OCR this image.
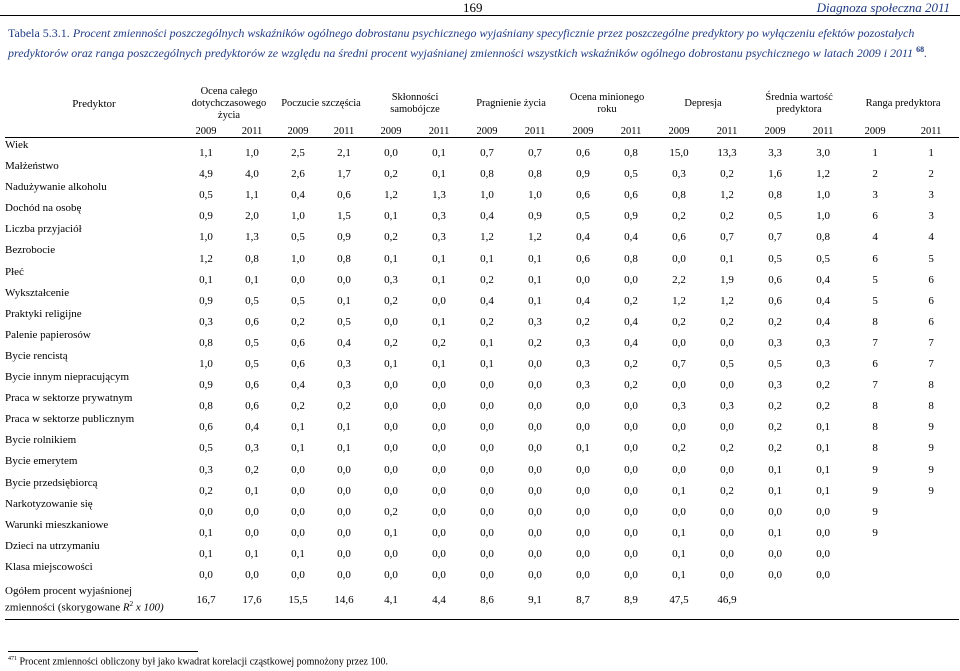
169	Diagnoza społeczna 2011
Tabela 5.3.1. Procent zmienności poszczególnych wskaźników ogólnego dobrostanu psychicznego wyjaśniany specyficznie przez poszczególne predyktory po wyłączeniu efektów pozostałych predyktorów oraz ranga poszczególnych predyktorów ze względu na średni procent wyjaśnianej zmienności wszystkich wskaźników ogólnego dobrostanu psychicznego w latach 2009 i 2011 $^{68}$.
Predyktor	Ocena całego dotychczasowego życia		Poczucie szczęścia		Skłonności samobójcze		Pragnienie życia		Ocena minionego roku		Depresja		Średnia wartość predyktora		Ranga predyktora	
	2009	2011	2009	2011	2009	2011	2009	2011	2009	2011	2009	2011	2009	2011	2009	2011
Wiek	1,1	1,0	2,5	2,1	0,0	0,1	0,7	0,7	0,6	0,8	15,0	13,3	3,3	3,0	1	1
Małżeństwo	4,9	4,0	2,6	1,7	0,2	0,1	0,8	0,8	0,9	0,5	0,3	0,2	1,6	1,2	2	2
Nadużywanie alkoholu	0,5	1,1	0,4	0,6	1,2	1,3	1,0	1,0	0,6	0,6	0,8	1,2	0,8	1,0	3	3
Dochód na osobę	0,9	2,0	1,0	1,5	0,1	0,3	0,4	0,9	0,5	0,9	0,2	0,2	0,5	1,0	6	3
Liczba przyjaciół	1,0	1,3	0,5	0,9	0,2	0,3	1,2	1,2	0,4	0,4	0,6	0,7	0,7	0,8	4	4
Bezrobocie	1,2	0,8	1,0	0,8	0,1	0,1	0,1	0,1	0,6	0,8	0,0	0,1	0,5	0,5	6	5
Płeć	0,1	0,1	0,0	0,0	0,3	0,1	0,2	0,1	0,0	0,0	2,2	1,9	0,6	0,4	5	6
Wykształcenie	0,9	0,5	0,5	0,1	0,2	0,0	0,4	0,1	0,4	0,2	1,2	1,2	0,6	0,4	5	6
Praktyki religijne	0,3	0,6	0,2	0,5	0,0	0,1	0,2	0,3	0,2	0,4	0,2	0,2	0,2	0,4	8	6
Palenie papierosów	0,8	0,5	0,6	0,4	0,2	0,2	0,1	0,2	0,3	0,4	0,0	0,0	0,3	0,3	7	7
Bycie rencistą	1,0	0,5	0,6	0,3	0,1	0,1	0,1	0,0	0,3	0,2	0,7	0,5	0,5	0,3	6	7
Bycie innym niepracującym	0,9	0,6	0,4	0,3	0,0	0,0	0,0	0,0	0,3	0,2	0,0	0,0	0,3	0,2	7	8
Praca w sektorze prywatnym	0,8	0,6	0,2	0,2	0,0	0,0	0,0	0,0	0,0	0,0	0,3	0,3	0,2	0,2	8	8
Praca w sektorze publicznym	0,6	0,4	0,1	0,1	0,0	0,0	0,0	0,0	0,0	0,0	0,0	0,0	0,2	0,1	8	9
Bycie rolnikiem	0,5	0,3	0,1	0,1	0,0	0,0	0,0	0,0	0,1	0,0	0,2	0,2	0,2	0,1	8	9
Bycie emerytem	0,3	0,2	0,0	0,0	0,0	0,0	0,0	0,0	0,0	0,0	0,0	0,0	0,1	0,1	9	9
Bycie przedsiębiorcą	0,2	0,1	0,0	0,0	0,0	0,0	0,0	0,0	0,0	0,0	0,1	0,2	0,1	0,1	9	9
Narkotyzowanie się	0,0	0,0	0,0	0,0	0,2	0,0	0,0	0,0	0,0	0,0	0,0	0,0	0,0	0,0	9	
Warunki mieszkaniowe	0,1	0,0	0,0	0,0	0,1	0,0	0,0	0,0	0,0	0,0	0,1	0,0	0,1	0,0	9	
Dzieci na utrzymaniu	0,1	0,1	0,1	0,0	0,0	0,0	0,0	0,0	0,0	0,0	0,1	0,0	0,0	0,0		
Klasa miejscowości	0,0	0,0	0,0	0,0	0,0	0,0	0,0	0,0	0,0	0,0	0,1	0,0	0,0	0,0		
Ogółem procent wyjaśnionej
zmienności (skorygowane $R^2$ x 100)	16,7	17,6	15,5	14,6	4,1	4,4	8,6	9,1	8,7	8,9	47,5	46,9				
$^{471}$ Procent zmienności obliczony był jako kwadrat korelacji cząstkowej pomnożony przez 100.
